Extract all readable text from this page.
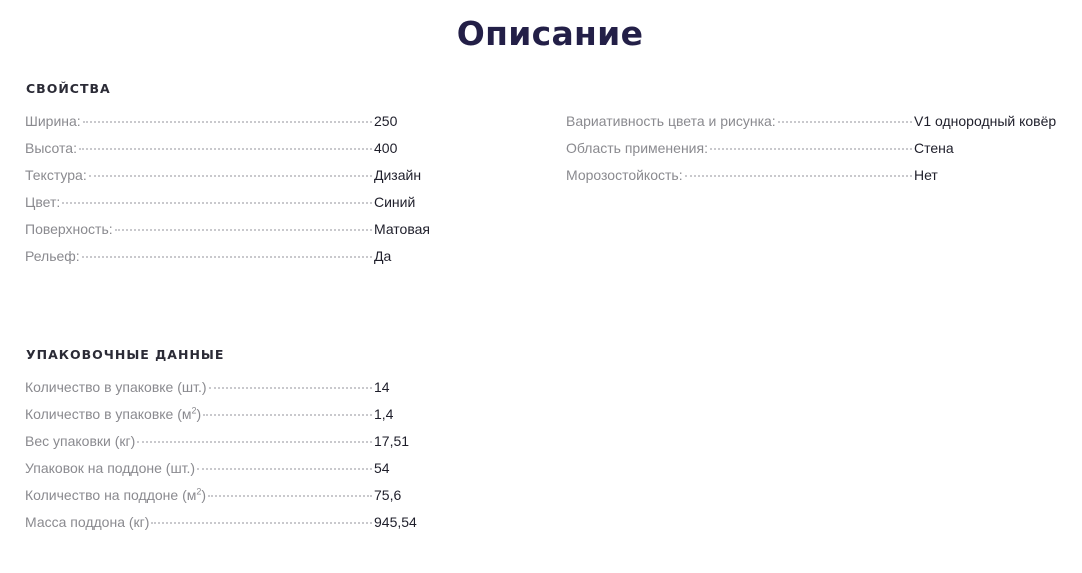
Описание
СВОЙСТВА
Ширина:	250
Высота:	400
Текстура:	Дизайн
Цвет:	Синий
Поверхность:	Матовая
Рельеф:	Да
Вариативность цвета и рисунка:	V1 однородный ковёр
Область применения:	Стена
Морозостойкость:	Нет
УПАКОВОЧНЫЕ ДАННЫЕ
Количество в упаковке (шт.)	14
Количество в упаковке $(м^2)$	1,4
Вес упаковки (кг)	17,51
Упаковок на поддоне (шт.)	54
Количество на поддоне $(м^2)$	75,6
Масса поддона (кг)	945,54
